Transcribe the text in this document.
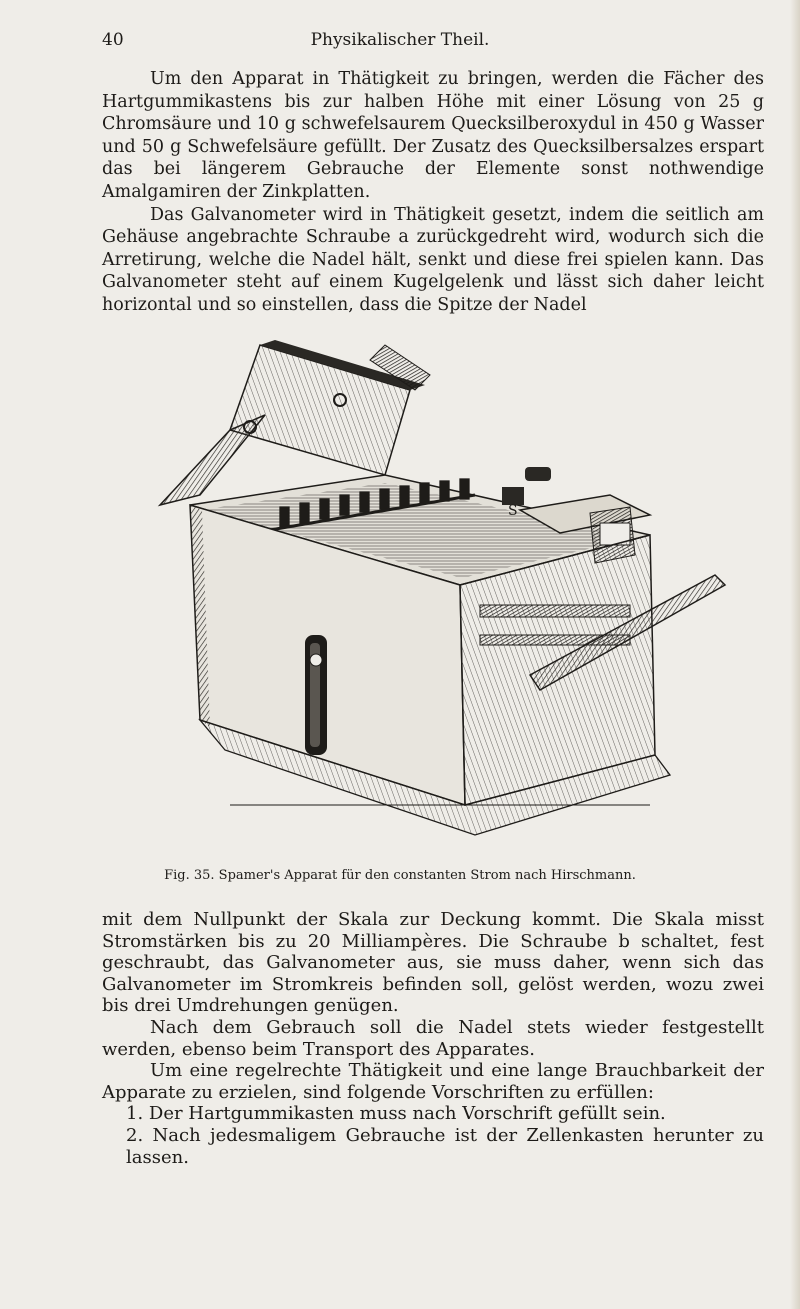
40	Physikalischer Theil.

Um den Apparat in Thätigkeit zu bringen, werden die Fächer des Hartgummikastens bis zur halben Höhe mit einer Lösung von 25 g Chromsäure und 10 g schwefelsaurem Quecksilberoxydul in 450 g Wasser und 50 g Schwefelsäure gefüllt. Der Zusatz des Quecksilbersalzes erspart das bei längerem Gebrauche der Elemente sonst nothwendige Amalgamiren der Zinkplatten.

Das Galvanometer wird in Thätigkeit gesetzt, indem die seitlich am Gehäuse angebrachte Schraube a zurückgedreht wird, wodurch sich die Arretirung, welche die Nadel hält, senkt und diese frei spielen kann. Das Galvanometer steht auf einem Kugelgelenk und lässt sich daher leicht horizontal und so einstellen, dass die Spitze der Nadel

S
Fig. 35. Spamer's Apparat für den constanten Strom nach Hirschmann.

mit dem Nullpunkt der Skala zur Deckung kommt. Die Skala misst Stromstärken bis zu 20 Milliampères. Die Schraube b schaltet, fest geschraubt, das Galvanometer aus, sie muss daher, wenn sich das Galvanometer im Stromkreis befinden soll, gelöst werden, wozu zwei bis drei Umdrehungen genügen.

Nach dem Gebrauch soll die Nadel stets wieder festgestellt werden, ebenso beim Transport des Apparates.

Um eine regelrechte Thätigkeit und eine lange Brauchbarkeit der Apparate zu erzielen, sind folgende Vorschriften zu erfüllen:

1. Der Hartgummikasten muss nach Vorschrift gefüllt sein.

2. Nach jedesmaligem Gebrauche ist der Zellenkasten herunter zu lassen.
